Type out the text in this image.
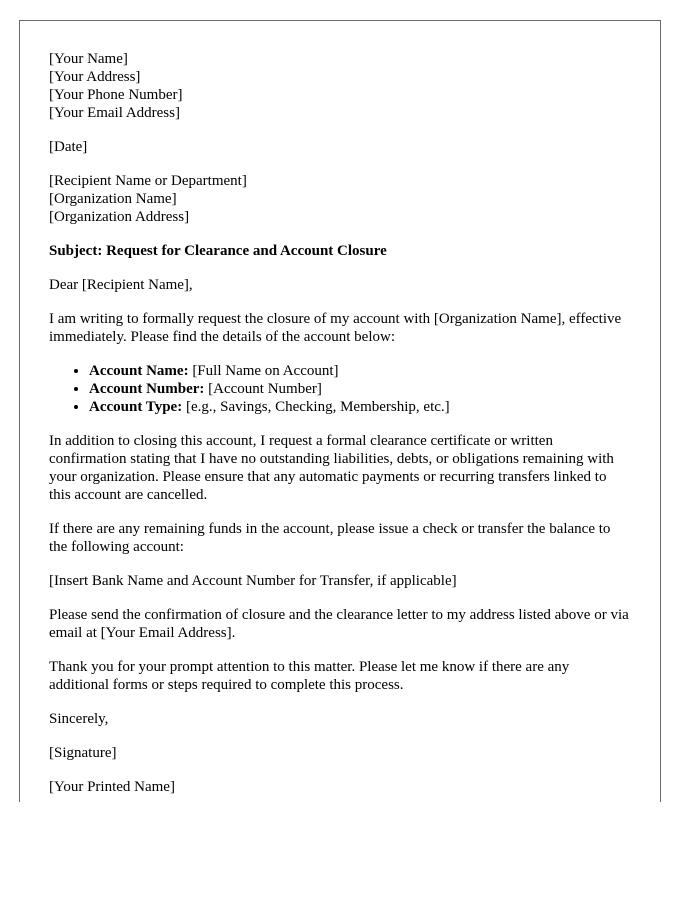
[Your Name]
[Your Address]
[Your Phone Number]
[Your Email Address]

[Date]

[Recipient Name or Department]
[Organization Name]
[Organization Address]

Subject: Request for Clearance and Account Closure

Dear [Recipient Name],

I am writing to formally request the closure of my account with [Organization Name], effective immediately. Please find the details of the account below:

• Account Name: [Full Name on Account]
• Account Number: [Account Number]
• Account Type: [e.g., Savings, Checking, Membership, etc.]

In addition to closing this account, I request a formal clearance certificate or written confirmation stating that I have no outstanding liabilities, debts, or obligations remaining with your organization. Please ensure that any automatic payments or recurring transfers linked to this account are cancelled.

If there are any remaining funds in the account, please issue a check or transfer the balance to the following account:

[Insert Bank Name and Account Number for Transfer, if applicable]

Please send the confirmation of closure and the clearance letter to my address listed above or via email at [Your Email Address].

Thank you for your prompt attention to this matter. Please let me know if there are any additional forms or steps required to complete this process.

Sincerely,

[Signature]

[Your Printed Name]
